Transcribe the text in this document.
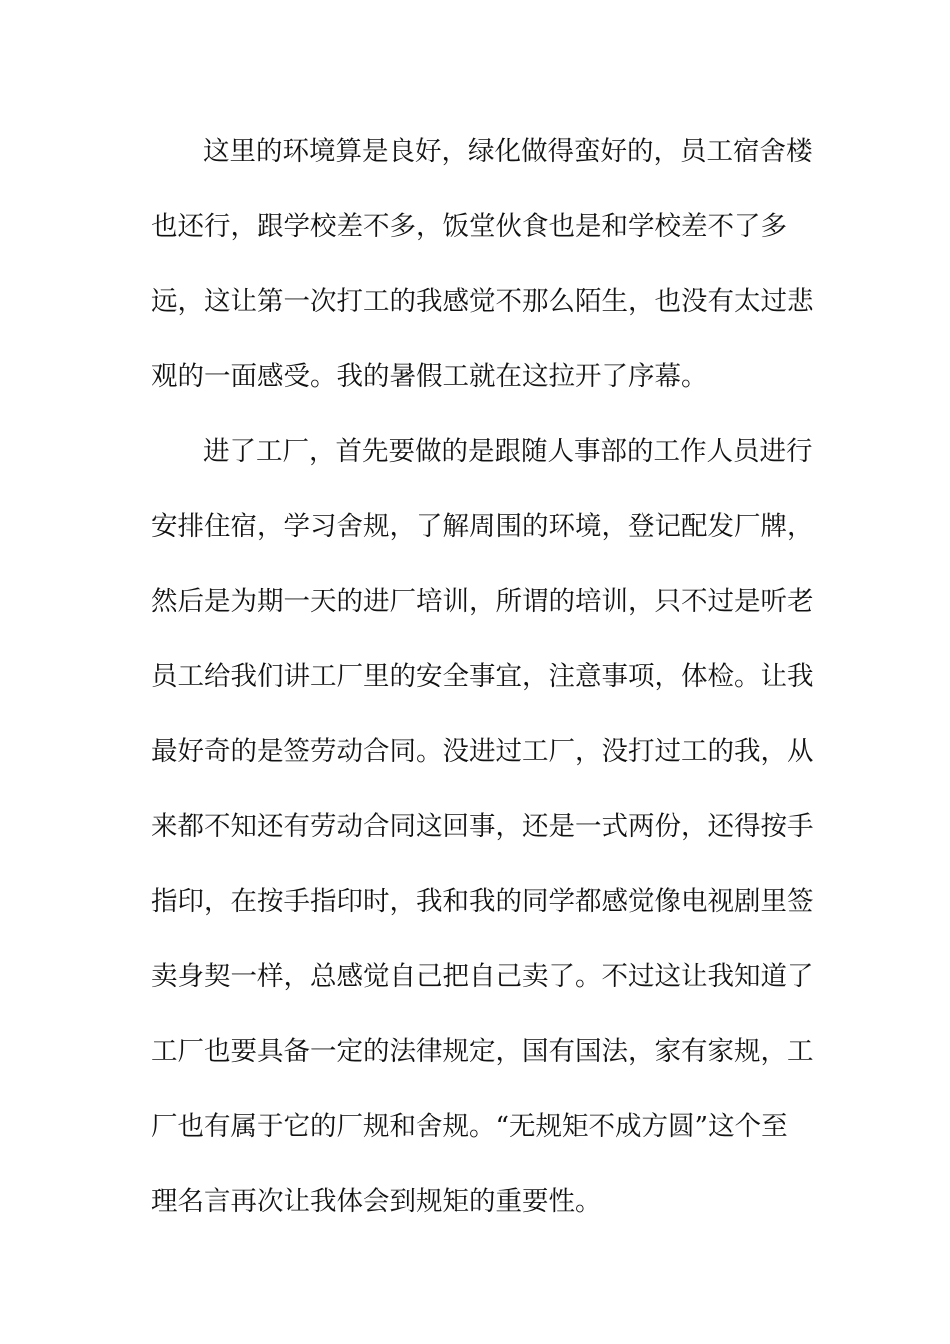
这里的环境算是良好，绿化做得蛮好的，员工宿舍楼
也还行，跟学校差不多，饭堂伙食也是和学校差不了多
远，这让第一次打工的我感觉不那么陌生，也没有太过悲
观的一面感受。我的暑假工就在这拉开了序幕。
进了工厂，首先要做的是跟随人事部的工作人员进行
安排住宿，学习舍规，了解周围的环境，登记配发厂牌，
然后是为期一天的进厂培训，所谓的培训，只不过是听老
员工给我们讲工厂里的安全事宜，注意事项，体检。让我
最好奇的是签劳动合同。没进过工厂，没打过工的我，从
来都不知还有劳动合同这回事，还是一式两份，还得按手
指印，在按手指印时，我和我的同学都感觉像电视剧里签
卖身契一样，总感觉自己把自己卖了。不过这让我知道了
工厂也要具备一定的法律规定，国有国法，家有家规，工
厂也有属于它的厂规和舍规。“无规矩不成方圆”这个至
理名言再次让我体会到规矩的重要性。
